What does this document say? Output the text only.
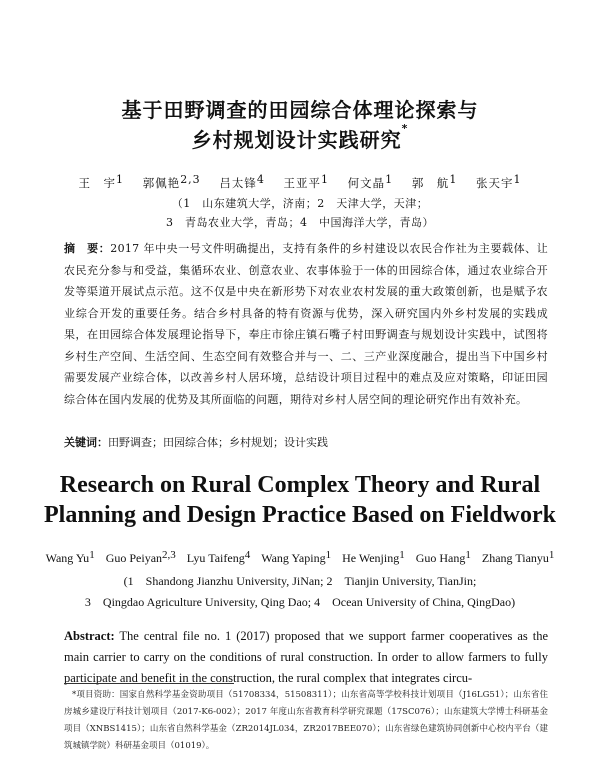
基于田野调查的田园综合体理论探索与
乡村规划设计实践研究*
王　宇1 郭佩艳2,3 吕太锋4 王亚平1 何文晶1 郭　航1 张天宇1
（1　山东建筑大学，济南；2　天津大学，天津；
3　青岛农业大学，青岛；4　中国海洋大学，青岛）
摘　要：2017 年中央一号文件明确提出，支持有条件的乡村建设以农民合作社为主要载体、让农民充分参与和受益，集循环农业、创意农业、农事体验于一体的田园综合体，通过农业综合开发等渠道开展试点示范。这不仅是中央在新形势下对农业农村发展的重大政策创新，也是赋予农业综合开发的重要任务。结合乡村具备的特有资源与优势，深入研究国内外乡村发展的实践成果，在田园综合体发展理论指导下，奉庄市徐庄镇石嘴子村田野调查与规划设计实践中，试图将乡村生产空间、生活空间、生态空间有效整合并与一、二、三产业深度融合，提出当下中国乡村需要发展产业综合体，以改善乡村人居环境，总结设计项目过程中的难点及应对策略，印证田园综合体在国内发展的优势及其所面临的问题，期待对乡村人居空间的理论研究作出有效补充。
关键词：田野调查；田园综合体；乡村规划；设计实践
Research on Rural Complex Theory and Rural
Planning and Design Practice Based on Fieldwork
Wang Yu1 Guo Peiyan2,3 Lyu Taifeng4 Wang Yaping1 He Wenjing1 Guo Hang1 Zhang Tianyu1
(1　Shandong Jianzhu University, JiNan; 2　Tianjin University, TianJin;
3　Qingdao Agriculture University, Qing Dao; 4　Ocean University of China, QingDao)
Abstract: The central file no. 1 (2017) proposed that we support farmer cooperatives as the main carrier to carry on the conditions of rural construction. In order to allow farmers to fully participate and benefit in the construction, the rural complex that integrates circu-
*项目资助：国家自然科学基金资助项目（51708334，51508311）；山东省高等学校科技计划项目（J16LG51）；山东省住房城乡建设厅科技计划项目（2017-K6-002）；2017 年度山东省教育科学研究课题（17SC076）；山东建筑大学博士科研基金项目（XNBS1415）；山东省自然科学基金（ZR2014JL034，ZR2017BEE070）；山东省绿色建筑协同创新中心校内平台（建筑城镇学院）科研基金项目（01019）。
